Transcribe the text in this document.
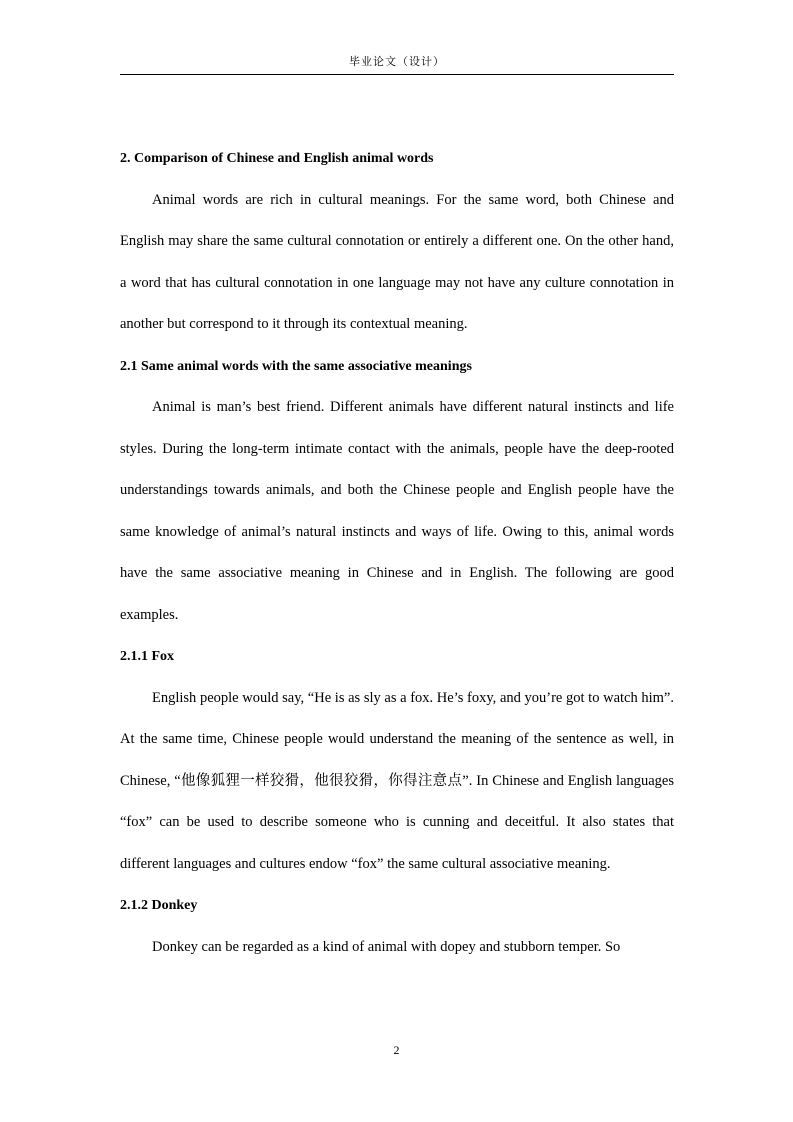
毕业论文（设计）
2. Comparison of Chinese and English animal words

Animal words are rich in cultural meanings. For the same word, both Chinese and English may share the same cultural connotation or entirely a different one. On the other hand, a word that has cultural connotation in one language may not have any culture connotation in another but correspond to it through its contextual meaning.

2.1 Same animal words with the same associative meanings

Animal is man’s best friend. Different animals have different natural instincts and life styles. During the long-term intimate contact with the animals, people have the deep-rooted understandings towards animals, and both the Chinese people and English people have the same knowledge of animal’s natural instincts and ways of life. Owing to this, animal words have the same associative meaning in Chinese and in English. The following are good examples.

2.1.1 Fox

English people would say, “He is as sly as a fox. He’s foxy, and you’re got to watch him”. At the same time, Chinese people would understand the meaning of the sentence as well, in Chinese, “他像狐狸一样狡猾，他很狡猾，你得注意点”. In Chinese and English languages “fox” can be used to describe someone who is cunning and deceitful. It also states that different languages and cultures endow “fox” the same cultural associative meaning.

2.1.2 Donkey

Donkey can be regarded as a kind of animal with dopey and stubborn temper. So

2
